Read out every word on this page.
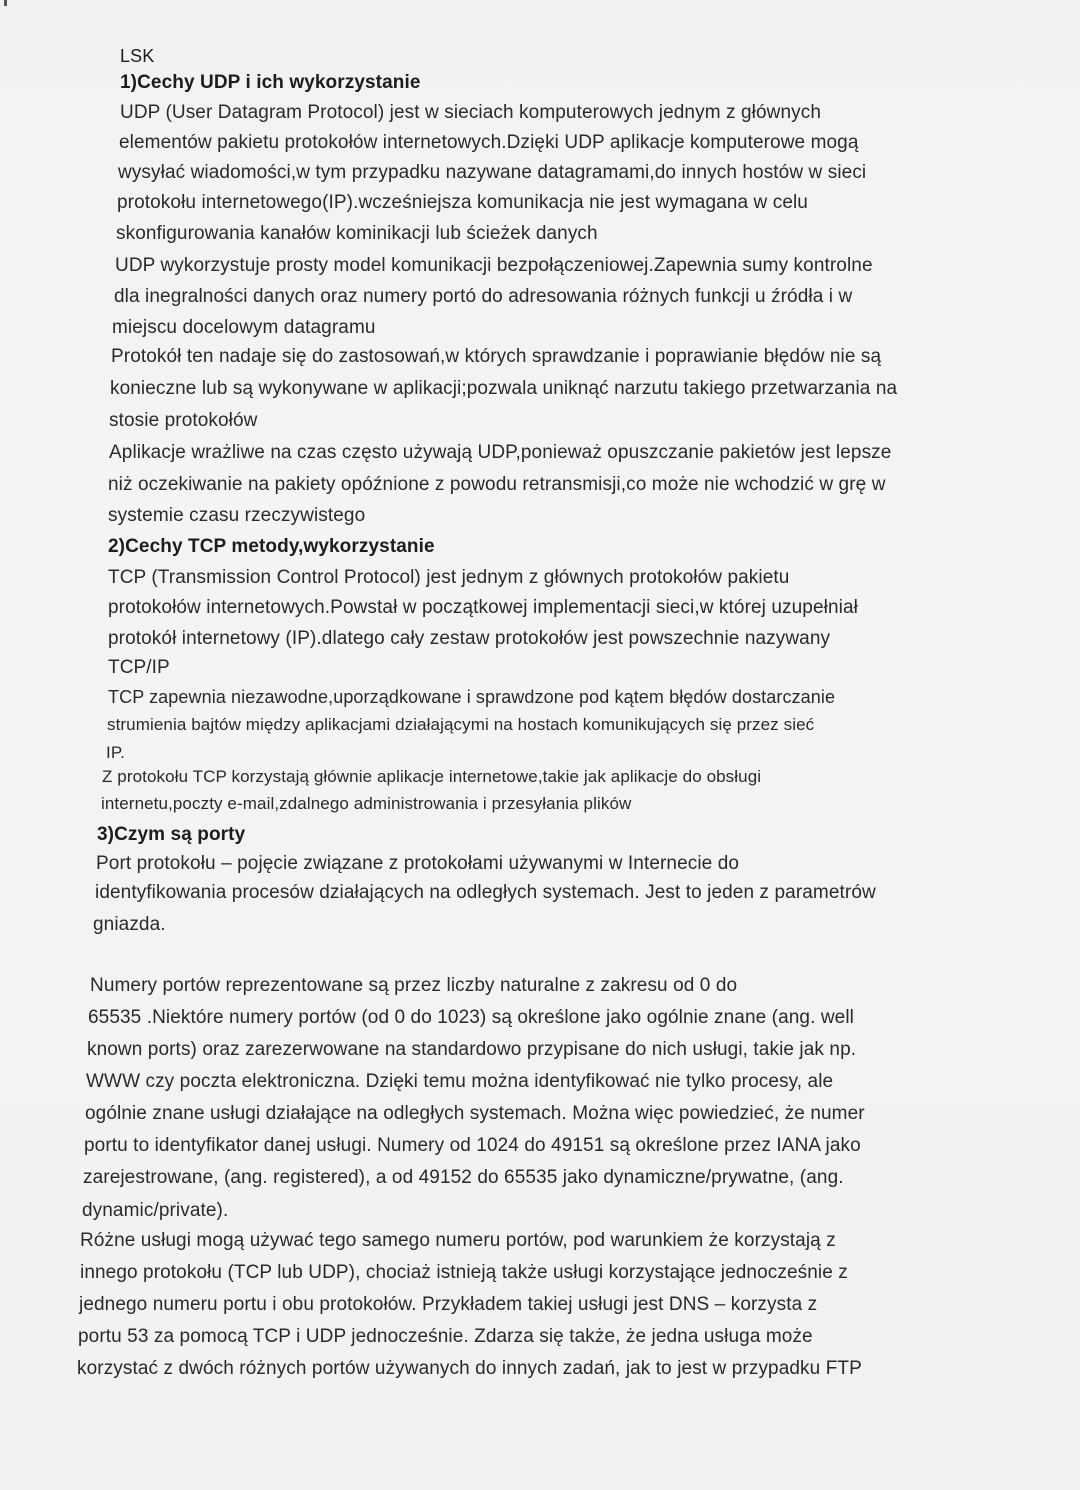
LSK
1)Cechy UDP i ich wykorzystanie
UDP (User Datagram Protocol) jest w sieciach komputerowych jednym z głównych
elementów pakietu protokołów internetowych.Dzięki UDP aplikacje komputerowe mogą
wysyłać wiadomości,w tym przypadku nazywane datagramami,do innych hostów w sieci
protokołu internetowego(IP).wcześniejsza komunikacja nie jest wymagana w celu
skonfigurowania kanałów kominikacji lub ścieżek danych
UDP wykorzystuje prosty model komunikacji bezpołączeniowej.Zapewnia sumy kontrolne
dla inegralności danych oraz numery portó do adresowania różnych funkcji u źródła i w
miejscu docelowym datagramu
Protokół ten nadaje się do zastosowań,w których sprawdzanie i poprawianie błędów nie są
konieczne lub są wykonywane w aplikacji;pozwala uniknąć narzutu takiego przetwarzania na
stosie protokołów
Aplikacje wrażliwe na czas często używają UDP,ponieważ opuszczanie pakietów jest lepsze
niż oczekiwanie na pakiety opóźnione z powodu retransmisji,co może nie wchodzić w grę w
systemie czasu rzeczywistego
2)Cechy TCP metody,wykorzystanie
TCP (Transmission Control Protocol) jest jednym z głównych protokołów pakietu
protokołów internetowych.Powstał w początkowej implementacji sieci,w której uzupełniał
protokół internetowy (IP).dlatego cały zestaw protokołów jest powszechnie nazywany
TCP/IP
TCP zapewnia niezawodne,uporządkowane i sprawdzone pod kątem błędów dostarczanie
strumienia bajtów między aplikacjami działającymi na hostach komunikujących się przez sieć
IP.
Z protokołu TCP korzystają głównie aplikacje internetowe,takie jak aplikacje do obsługi
internetu,poczty e-mail,zdalnego administrowania i przesyłania plików
3)Czym są porty
Port protokołu – pojęcie związane z protokołami używanymi w Internecie do
identyfikowania procesów działających na odległych systemach. Jest to jeden z parametrów
gniazda.
Numery portów reprezentowane są przez liczby naturalne z zakresu od 0 do
65535 .Niektóre numery portów (od 0 do 1023) są określone jako ogólnie znane (ang. well
known ports) oraz zarezerwowane na standardowo przypisane do nich usługi, takie jak np.
WWW czy poczta elektroniczna. Dzięki temu można identyfikować nie tylko procesy, ale
ogólnie znane usługi działające na odległych systemach. Można więc powiedzieć, że numer
portu to identyfikator danej usługi. Numery od 1024 do 49151 są określone przez IANA jako
zarejestrowane, (ang. registered), a od 49152 do 65535 jako dynamiczne/prywatne, (ang.
dynamic/private).
Różne usługi mogą używać tego samego numeru portów, pod warunkiem że korzystają z
innego protokołu (TCP lub UDP), chociaż istnieją także usługi korzystające jednocześnie z
jednego numeru portu i obu protokołów. Przykładem takiej usługi jest DNS – korzysta z
portu 53 za pomocą TCP i UDP jednocześnie. Zdarza się także, że jedna usługa może
korzystać z dwóch różnych portów używanych do innych zadań, jak to jest w przypadku FTP
